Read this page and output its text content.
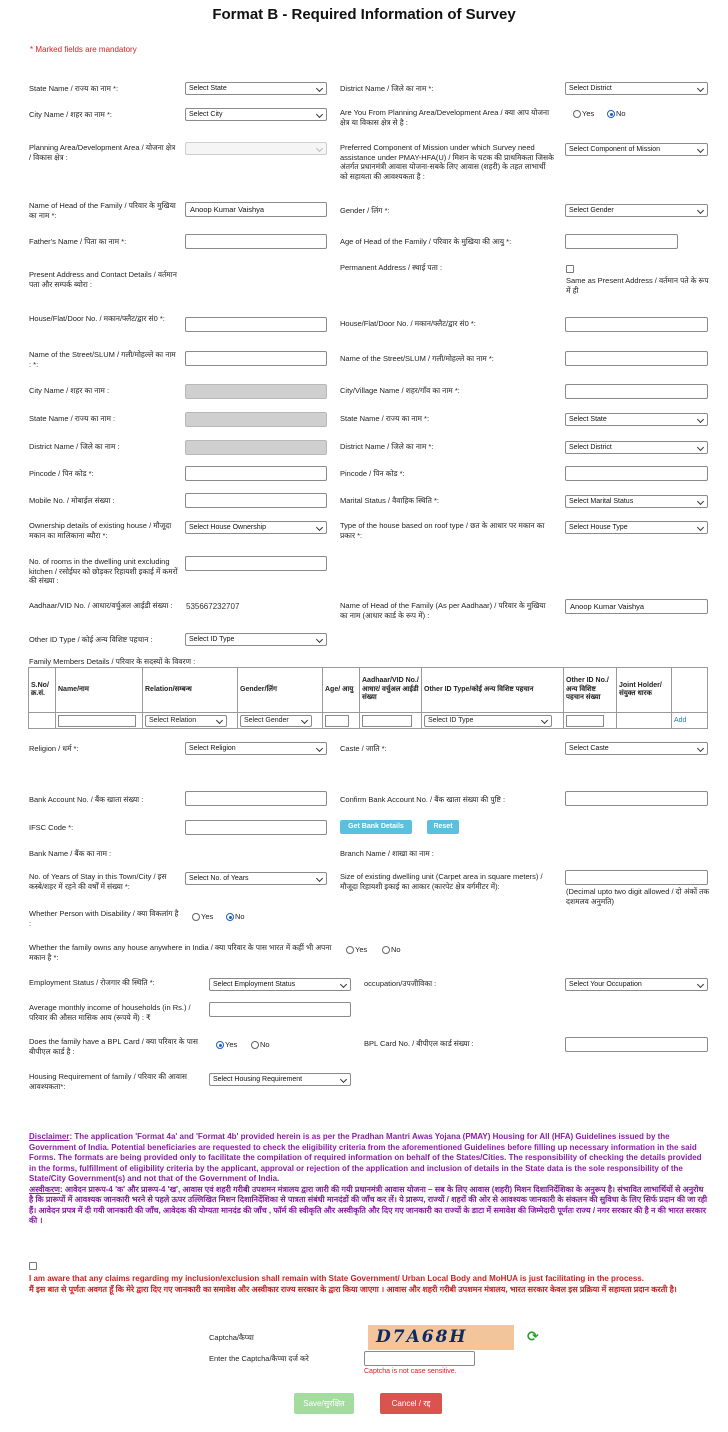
Format B - Required Information of Survey
* Marked fields are mandatory
State Name / राज्य का नाम *:	Select State	District Name / जिले का नाम *:	Select District
City Name / शहर का नाम *:	Select City	Are You From Planning Area/Development Area / क्या आप योजना क्षेत्र या विकास क्षेत्र से है :
Yes	No
Planning Area/Development Area / योजना क्षेत्र / विकास क्षेत्र :
Preferred Component of Mission under which Survey need assistance under PMAY-HFA(U) / मिशन के घटक की प्राथमिकता जिसके अंतर्गत प्रधानमंत्री आवास योजना-सबके लिए आवास (शहरी) के तहत लाभार्थी को सहायता की आवश्यकता है :
Select Component of Mission
Name of Head of the Family / परिवार के मुखिया का नाम *:
Anoop Kumar Vaishya	Gender / लिंग *:	Select Gender
Father's Name / पिता का नाम *:	Age of Head of the Family / परिवार के मुखिया की आयु *:
Present Address and Contact Details / वर्तमान पता और सम्पर्क ब्योरा :
Permanent Address / स्थाई पता :
Same as Present Address / वर्तमान पते के रूप में ही
House/Flat/Door No. / मकान/फ्लैट/द्वार सं0 *:
House/Flat/Door No. / मकान/फ्लैट/द्वार सं0 *:
Name of the Street/SLUM / गली/मोहल्ले का नाम : *:
Name of the Street/SLUM / गली/मोहल्ले का नाम *:
City Name / शहर का नाम :	City/Village Name / शहर/गाँव का नाम *:
State Name / राज्य का नाम :	State Name / राज्य का नाम *:	Select State
District Name / जिले का नाम :	District Name / जिले का नाम *:	Select District
Pincode / पिन कोड *:	Pincode / पिन कोड *:
Mobile No. / मोबाईल संख्या :	Marital Status / वैवाहिक स्थिति *:	Select Marital Status
Ownership details of existing house / मौजूदा मकान का मालिकाना ब्यौरा *:
Select House Ownership	Type of the house based on roof type / छत के आधार पर मकान का प्रकार *:
Select House Type
No. of rooms in the dwelling unit excluding kitchen / रसोईघर को छोड़कर रिहायशी इकाई में कमरों की संख्या :
Aadhaar/VID No. / आधार/वर्चुअल आईडी संख्या :	535667232707	Name of Head of the Family (As per Aadhaar) / परिवार के मुखिया का नाम (आधार कार्ड के रूप में) :
Anoop Kumar Vaishya
Other ID Type / कोई अन्य विशिष्ट पहचान :	Select ID Type
Family Members Details / परिवार के सदस्यों के विवरण :
S.No/ क्र.सं.	Name/नाम	Relation/सम्बन्ध	Gender/लिंग	Age/ आयु	Aadhaar/VID No./ आधार/ वर्चुअल आईडी संख्या	Other ID Type/कोई अन्य विशिष्ट पहचान	Other ID No./अन्य विशिष्ट पहचान संख्या	Joint Holder/संयुक्त धारक	

		Select Relation	Select Gender			Select ID Type			Add
Religion / धर्म *:	Select Religion	Caste / जाति *:	Select Caste
Bank Account No. / बैंक खाता संख्या :	Confirm Bank Account No. / बैंक खाता संख्या की पुष्टि :
IFSC Code *:	Get Bank Details	Reset
Bank Name / बैंक का नाम :	Branch Name / शाखा का नाम :
No. of Years of Stay in this Town/City / इस कस्बे/शहर में रहने की वर्षों में संख्या *:
Select No. of Years	Size of existing dwelling unit (Carpet area in square meters) / मौजूदा रिहायशी इकाई का आकार (कारपेट क्षेत्र वर्गमीटर में):
(Decimal upto two digit allowed / दो अंकों तक दशमलव अनुमति)
Whether Person with Disability / क्या विकलांग है :
Yes	No
Whether the family owns any house anywhere in India / क्या परिवार के पास भारत में कहीं भी अपना मकान है *:
Yes	No
Employment Status / रोजगार की स्थिति *:	Select Employment Status	occupation/उपजीविका :	Select Your Occupation
Average monthly income of households (in Rs.) / परिवार की औसत मासिक आय (रूपये में) : ₹
Does the family have a BPL Card / क्या परिवार के पास बीपीएल कार्ड है :
Yes	No	BPL Card No. / बीपीएल कार्ड संख्या :
Housing Requirement of family / परिवार की आवास आवश्यकता*:
Select Housing Requirement
Disclaimer: The application 'Format 4a' and 'Format 4b' provided herein is as per the Pradhan Mantri Awas Yojana (PMAY) Housing for All (HFA) Guidelines issued by the Government of India. Potential beneficiaries are requested to check the eligibility criteria from the aforementioned Guidelines before filling up necessary information in the said Forms. The formats are being provided only to facilitate the compilation of required information on behalf of the States/Cities. The responsibility of checking the details provided in the forms, fulfillment of eligibility criteria by the applicant, approval or rejection of the application and inclusion of details in the State data is the sole responsibility of the State/City Government(s) and not that of the Government of India.
अस्वीकरण: आवेदन प्रारूप-4 'क' और प्रारूप-4 'ख', आवास एवं शहरी गरीबी उपशमन मंत्रालय द्वारा जारी की गयी प्रधानमंत्री आवास योजना – सब के लिए आवास (शहरी) मिशन दिशानिर्देशिका के अनुरूप है। संभावित लाभार्थियों से अनुरोध है कि प्रारूपों में आवश्यक जानकारी भरने से पहले ऊपर उल्लिखित मिशन दिशानिर्देशिका से पात्रता संबंधी मानदंडों की जाँच कर लें। ये प्रारूप, राज्यों / शहरों की ओर से आवश्यक जानकारी के संकलन की सुविधा के लिए सिर्फ प्रदान की जा रही हैं। आवेदन प्रपत्र में दी गयी जानकारी की जाँच, आवेदक की योग्यता मानदंड की जाँच , फॉर्म की स्वीकृति और अस्वीकृति और दिए गए जानकारी का राज्यों के डाटा में समावेश की जिम्मेदारी पूर्णतः राज्य / नगर सरकार की है न की भारत सरकार की ।
I am aware that any claims regarding my inclusion/exclusion shall remain with State Government/ Urban Local Body and MoHUA is just facilitating in the process.
मैं इस बात से पूर्णतः अवगत हूँ कि मेरे द्वारा दिए गए जानकारी का समावेश और अस्वीकार राज्य सरकार के द्वारा किया जाएगा । आवास और शहरी गरीबी उपशमन मंत्रालय, भारत सरकार केवल इस प्रक्रिया में सहायता प्रदान करती है।
Captcha/कैप्चा	D7A68H	⟳
Enter the Captcha/कैप्चा दर्ज करे
Captcha is not case sensitive.
Save/सुरक्षित	Cancel / रद्द
